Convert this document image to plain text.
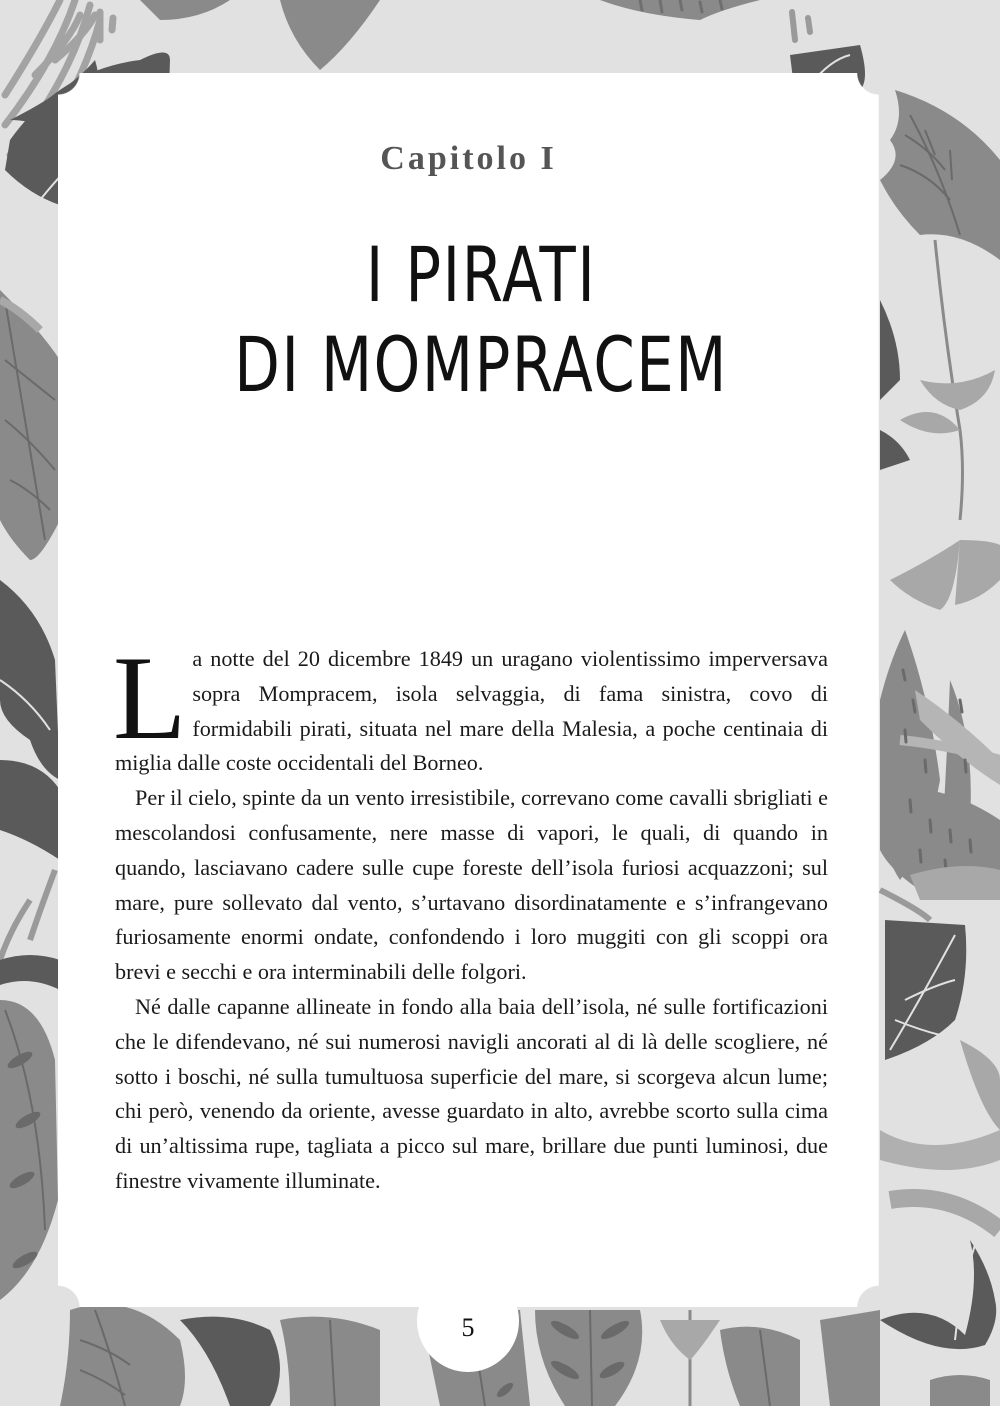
Capitolo I
I PIRATI
DI MOMPRACEM

La notte del 20 dicembre 1849 un uragano violentissimo imperversava sopra Mompracem, isola selvaggia, di fama sinistra, covo di formidabili pirati, situata nel mare della Malesia, a poche centinaia di miglia dalle coste occidentali del Borneo.

Per il cielo, spinte da un vento irresistibile, correvano come cavalli sbrigliati e mescolandosi confusamente, nere masse di vapori, le quali, di quando in quando, lasciavano cadere sulle cupe foreste dell’isola furiosi acquazzoni; sul mare, pure sollevato dal vento, s’urtavano disordinatamente e s’infrangevano furiosamente enormi ondate, confondendo i loro muggiti con gli scoppi ora brevi e secchi e ora interminabili delle folgori.

Né dalle capanne allineate in fondo alla baia dell’isola, né sulle fortificazioni che le difendevano, né sui numerosi navigli ancorati al di là delle scogliere, né sotto i boschi, né sulla tumultuosa superficie del mare, si scorgeva alcun lume; chi però, venendo da oriente, avesse guardato in alto, avrebbe scorto sulla cima di un’altissima rupe, tagliata a picco sul mare, brillare due punti luminosi, due finestre vivamente illuminate.

5
